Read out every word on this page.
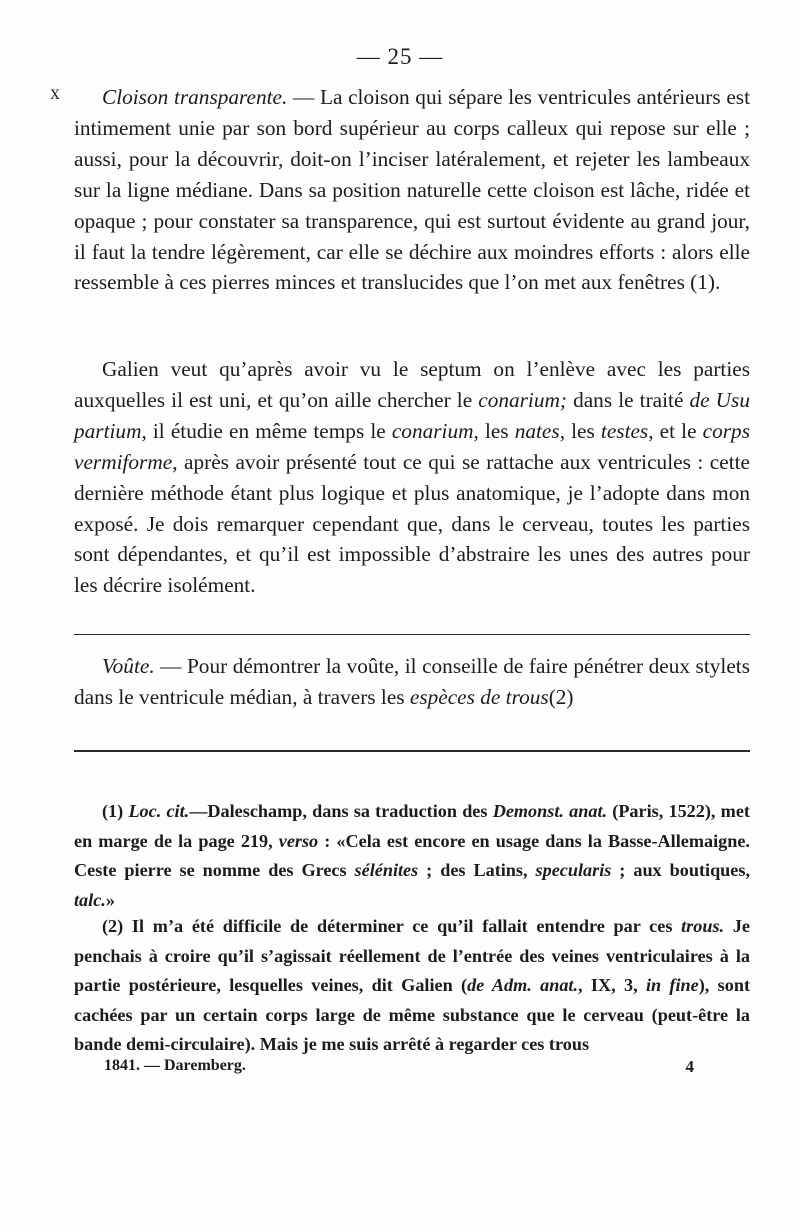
— 25 —
x	Cloison transparente. — La cloison qui sépare les ventricules antérieurs est intimement unie par son bord supérieur au corps calleux qui repose sur elle ; aussi, pour la découvrir, doit-on l’inciser latéralement, et rejeter les lambeaux sur la ligne médiane. Dans sa position naturelle cette cloison est lâche, ridée et opaque ; pour constater sa transparence, qui est surtout évidente au grand jour, il faut la tendre légèrement, car elle se déchire aux moindres efforts : alors elle ressemble à ces pierres minces et translucides que l’on met aux fenêtres (1).

Galien veut qu’après avoir vu le septum on l’enlève avec les parties auxquelles il est uni, et qu’on aille chercher le conarium; dans le traité de Usu partium, il étudie en même temps le conarium, les nates, les testes, et le corps vermiforme, après avoir présenté tout ce qui se rattache aux ventricules : cette dernière méthode étant plus logique et plus anatomique, je l’adopte dans mon exposé. Je dois remarquer cependant que, dans le cerveau, toutes les parties sont dépendantes, et qu’il est impossible d’abstraire les unes des autres pour les décrire isolément.

Voûte. — Pour démontrer la voûte, il conseille de faire pénétrer deux stylets dans le ventricule médian, à travers les espèces de trous(2)

(1) Loc. cit.—Daleschamp, dans sa traduction des Demonst. anat. (Paris, 1522), met en marge de la page 219, verso : «Cela est encore en usage dans la Basse-Allemaigne. Ceste pierre se nomme des Grecs sélénites ; des Latins, specularis ; aux boutiques, talc.»

(2) Il m’a été difficile de déterminer ce qu’il fallait entendre par ces trous. Je penchais à croire qu’il s’agissait réellement de l’entrée des veines ventriculaires à la partie postérieure, lesquelles veines, dit Galien (de Adm. anat., IX, 3, in fine), sont cachées par un certain corps large de même substance que le cerveau (peut-être la bande demi-circulaire). Mais je me suis arrêté à regarder ces trous

1841. — Daremberg.	4
